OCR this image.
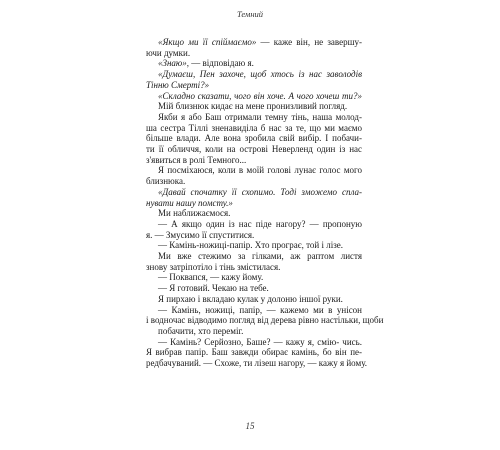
Темний
«Якщо ми її спіймаємо» — каже він, не завершу-
ючи думки.
«Знаю», — відповідаю я.
«Думаєш, Пен захоче, щоб хтось із нас заволодів
Тінню Смерті?»
«Складно сказати, чого він хоче. А чого хочеш ти?»
Мій близнюк кидає на мене пронизливий погляд.
Якби я або Баш отримали темну тінь, наша молод-
ша сестра Тіллі зненавиділа б нас за те, що ми маємо
більше влади. Але вона зробила свій вибір. І побачи-
ти її обличчя, коли на острові Неверленд один із нас
з'явиться в ролі Темного...
Я посміхаюся, коли в моїй голові лунає голос мого
близнюка.
«Давай спочатку її схопимо. Тоді зможемо спла-
нувати нашу помсту.»
Ми наближаємося.
— А якщо один із нас піде нагору? — пропоную
я. — Змусимо її спуститися.
— Камінь-ножиці-папір. Хто програє, той і лізе.
Ми вже стежимо за гілками, аж раптом листя
знову затріпотіло і тінь змістилася.
— Поквапся, — кажу йому.
— Я готовий. Чекаю на тебе.
Я пирхаю і вкладаю кулак у долоню іншої руки.
— Камінь, ножиці, папір, — кажемо ми в унісон
і водночас відводимо погляд від дерева рівно настільки, щоби
побачити, хто переміг.
— Камінь? Серйозно, Баше? — кажу я, смію- чись.
Я вибрав папір. Баш завжди обирає камінь, бо він пе-
редбачуваний. — Схоже, ти лізеш нагору, — кажу я йому.
15
